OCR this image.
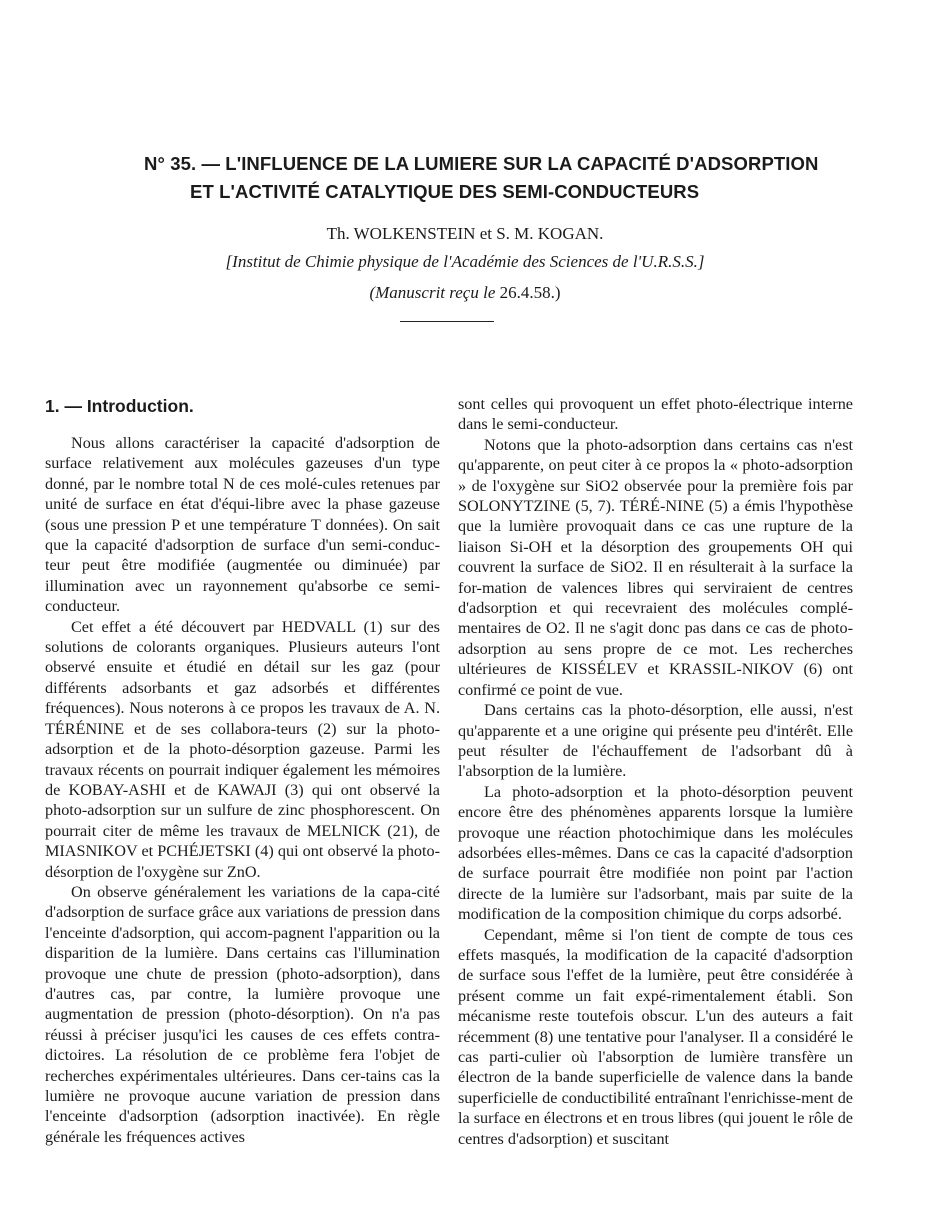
N° 35. — L'INFLUENCE DE LA LUMIERE SUR LA CAPACITÉ D'ADSORPTION
ET L'ACTIVITÉ CATALYTIQUE DES SEMI-CONDUCTEURS
Th. WOLKENSTEIN et S. M. KOGAN.
[Institut de Chimie physique de l'Académie des Sciences de l'U.R.S.S.]
(Manuscrit reçu le 26.4.58.)
1. — Introduction.

Nous allons caractériser la capacité d'adsorption de surface relativement aux molécules gazeuses d'un type donné, par le nombre total N de ces molé-cules retenues par unité de surface en état d'équi-libre avec la phase gazeuse (sous une pression P et une température T données). On sait que la capacité d'adsorption de surface d'un semi-conduc-teur peut être modifiée (augmentée ou diminuée) par illumination avec un rayonnement qu'absorbe ce semi-conducteur.

Cet effet a été découvert par HEDVALL (1) sur des solutions de colorants organiques. Plusieurs auteurs l'ont observé ensuite et étudié en détail sur les gaz (pour différents adsorbants et gaz adsorbés et différentes fréquences). Nous noterons à ce propos les travaux de A. N. TÉRÉNINE et de ses collabora-teurs (2) sur la photo-adsorption et de la photo-désorption gazeuse. Parmi les travaux récents on pourrait indiquer également les mémoires de KOBAY-ASHI et de KAWAJI (3) qui ont observé la photo-adsorption sur un sulfure de zinc phosphorescent. On pourrait citer de même les travaux de MELNICK (21), de MIASNIKOV et PCHÉJETSKI (4) qui ont observé la photo-désorption de l'oxygène sur ZnO.

On observe généralement les variations de la capa-cité d'adsorption de surface grâce aux variations de pression dans l'enceinte d'adsorption, qui accom-pagnent l'apparition ou la disparition de la lumière. Dans certains cas l'illumination provoque une chute de pression (photo-adsorption), dans d'autres cas, par contre, la lumière provoque une augmentation de pression (photo-désorption). On n'a pas réussi à préciser jusqu'ici les causes de ces effets contra-dictoires. La résolution de ce problème fera l'objet de recherches expérimentales ultérieures. Dans cer-tains cas la lumière ne provoque aucune variation de pression dans l'enceinte d'adsorption (adsorption inactivée). En règle générale les fréquences actives

sont celles qui provoquent un effet photo-électrique interne dans le semi-conducteur.

Notons que la photo-adsorption dans certains cas n'est qu'apparente, on peut citer à ce propos la « photo-adsorption » de l'oxygène sur SiO2 observée pour la première fois par SOLONYTZINE (5, 7). TÉRÉ-NINE (5) a émis l'hypothèse que la lumière provoquait dans ce cas une rupture de la liaison Si-OH et la désorption des groupements OH qui couvrent la surface de SiO2. Il en résulterait à la surface la for-mation de valences libres qui serviraient de centres d'adsorption et qui recevraient des molécules complé-mentaires de O2. Il ne s'agit donc pas dans ce cas de photo-adsorption au sens propre de ce mot. Les recherches ultérieures de KISSÉLEV et KRASSIL-NIKOV (6) ont confirmé ce point de vue.

Dans certains cas la photo-désorption, elle aussi, n'est qu'apparente et a une origine qui présente peu d'intérêt. Elle peut résulter de l'échauffement de l'adsorbant dû à l'absorption de la lumière.

La photo-adsorption et la photo-désorption peuvent encore être des phénomènes apparents lorsque la lumière provoque une réaction photochimique dans les molécules adsorbées elles-mêmes. Dans ce cas la capacité d'adsorption de surface pourrait être modifiée non point par l'action directe de la lumière sur l'adsorbant, mais par suite de la modification de la composition chimique du corps adsorbé.

Cependant, même si l'on tient de compte de tous ces effets masqués, la modification de la capacité d'adsorption de surface sous l'effet de la lumière, peut être considérée à présent comme un fait expé-rimentalement établi. Son mécanisme reste toutefois obscur. L'un des auteurs a fait récemment (8) une tentative pour l'analyser. Il a considéré le cas parti-culier où l'absorption de lumière transfère un électron de la bande superficielle de valence dans la bande superficielle de conductibilité entraînant l'enrichisse-ment de la surface en électrons et en trous libres (qui jouent le rôle de centres d'adsorption) et suscitant
